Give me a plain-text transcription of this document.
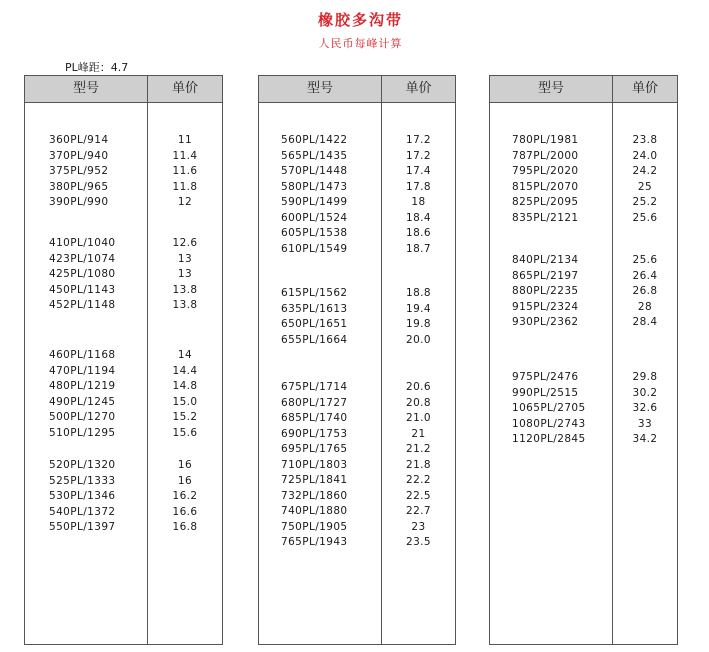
橡胶多沟带
人民币每峰计算
PL峰距：4.7
型号	单价
360PL/914	11
370PL/940	11.4
375PL/952	11.6
380PL/965	11.8
390PL/990	12
410PL/1040	12.6
423PL/1074	13
425PL/1080	13
450PL/1143	13.8
452PL/1148	13.8
460PL/1168	14
470PL/1194	14.4
480PL/1219	14.8
490PL/1245	15.0
500PL/1270	15.2
510PL/1295	15.6
520PL/1320	16
525PL/1333	16
530PL/1346	16.2
540PL/1372	16.6
550PL/1397	16.8
型号	单价
560PL/1422	17.2
565PL/1435	17.2
570PL/1448	17.4
580PL/1473	17.8
590PL/1499	18
600PL/1524	18.4
605PL/1538	18.6
610PL/1549	18.7
615PL/1562	18.8
635PL/1613	19.4
650PL/1651	19.8
655PL/1664	20.0
675PL/1714	20.6
680PL/1727	20.8
685PL/1740	21.0
690PL/1753	21
695PL/1765	21.2
710PL/1803	21.8
725PL/1841	22.2
732PL/1860	22.5
740PL/1880	22.7
750PL/1905	23
765PL/1943	23.5
型号	单价
780PL/1981	23.8
787PL/2000	24.0
795PL/2020	24.2
815PL/2070	25
825PL/2095	25.2
835PL/2121	25.6
840PL/2134	25.6
865PL/2197	26.4
880PL/2235	26.8
915PL/2324	28
930PL/2362	28.4
975PL/2476	29.8
990PL/2515	30.2
1065PL/2705	32.6
1080PL/2743	33
1120PL/2845	34.2
